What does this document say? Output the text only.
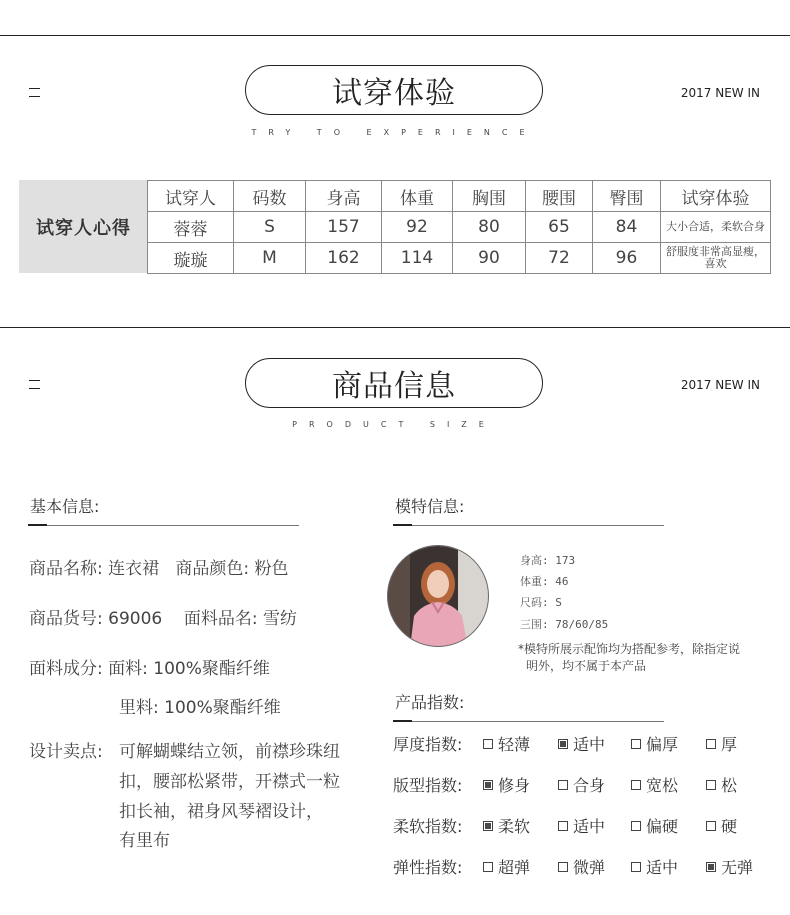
试穿体验
TRY TO EXPERIENCE
2017 NEW IN
试穿人心得
试穿人	码数	身高	体重	胸围	腰围	臀围	试穿体验
蓉蓉	S	157	92	80	65	84	大小合适，柔软合身
璇璇	M	162	114	90	72	96	舒服度非常高显瘦，喜欢
商品信息
PRODUCT SIZE
2017 NEW IN
基本信息:
商品名称: 连衣裙 商品颜色: 粉色
商品货号: 69006 面料品名: 雪纺
面料成分: 面料: 100%聚酯纤维
里料: 100%聚酯纤维
设计卖点: 可解蝴蝶结立领，前襟珍珠纽
扣，腰部松紧带，开襟式一粒
扣长袖，裙身风琴褶设计，
有里布
模特信息:
身高: 173
体重: 46
尺码: S
三围: 78/60/85
*模特所展示配饰均为搭配参考，除指定说
明外，均不属于本产品
产品指数:
厚度指数:	轻薄	适中	偏厚	厚
版型指数:	修身	合身	宽松	松
柔软指数:	柔软	适中	偏硬	硬
弹性指数:	超弹	微弹	适中	无弹
